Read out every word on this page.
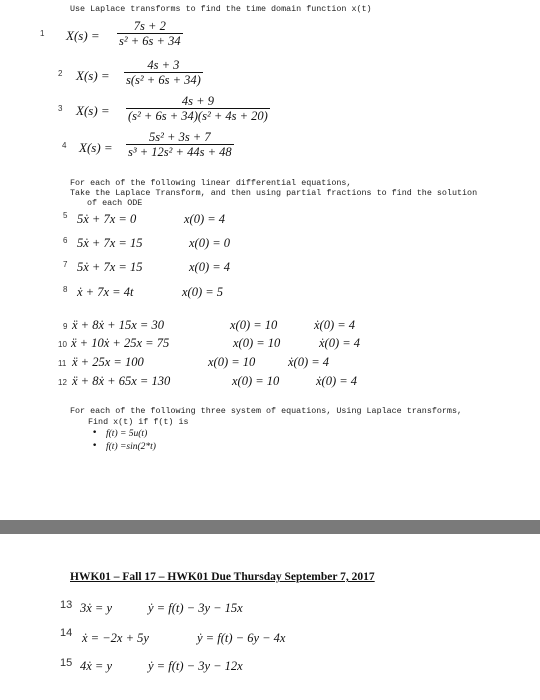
Use Laplace transforms to find the time domain function x(t)
1 $X(s) = \frac{7s + 2}{\text{s² + 6s + 34}}$
2 $X(s) = \frac{4s + 3}{\text{s(s² + 6s + 34)}}$
3 $X(s) = \frac{4s + 9}{\text{(s² + 6s + 34)(s² + 4s + 20)}}$
4 $X(s) = \frac{\text{5s² + 3s + 7}}{\text{s³ + 12s² + 44s + 48}}$
For each of the following linear differential equations,
Take the Laplace Transform, and then using partial fractions to find the solution
of each ODE
5 5ẋ + 7x = 0	x(0) = 4
6 5ẋ + 7x = 15	x(0) = 0
7 5ẋ + 7x = 15	x(0) = 4
8 ẋ + 7x = 4t	x(0) = 5
9 ẍ + 8ẋ + 15x = 30	x(0) = 10	ẋ(0) = 4
10 ẍ + 10ẋ + 25x = 75	x(0) = 10	ẋ(0) = 4
11 ẍ + 25x = 100	x(0) = 10	ẋ(0) = 4
12 ẍ + 8ẋ + 65x = 130	x(0) = 10	ẋ(0) = 4
For each of the following three system of equations, Using Laplace transforms,
Find x(t) if f(t) is
• f(t) = 5u(t)
• f(t) =sin(2*t)
HWK01 – Fall 17 – HWK01 Due Thursday September 7, 2017
13 3ẋ = y	ẏ = f(t) − 3y − 15x
14 ẋ = −2x + 5y	ẏ = f(t) − 6y − 4x
15 4ẋ = y	ẏ = f(t) − 3y − 12x
